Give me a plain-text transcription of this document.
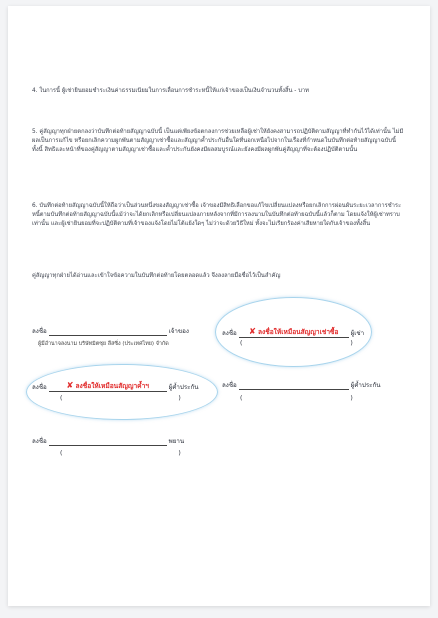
4. ในการนี้ ผู้เช่ายินยอมชำระเงินค่าธรรมเนียมในการเลื่อนการชำระหนี้ให้แก่เจ้าของเป็นเงินจำนวนทั้งสิ้น - บาท
5. คู่สัญญาทุกฝ่ายตกลงว่าบันทึกต่อท้ายสัญญาฉบับนี้ เป็นแต่เพียงข้อตกลงการช่วยเหลือผู้เช่าให้ยังคงสามารถปฏิบัติตามสัญญาที่ทำกันไว้ได้เท่านั้น ไม่มีผลเป็นการแก้ไข หรือยกเลิกความผูกพันตามสัญญาเช่าซื้อและสัญญาค้ำประกันอื่นใดที่นอกเหนือไปจากในเรื่องที่กำหนดในบันทึกต่อท้ายสัญญาฉบับนี้ ทั้งนี้ สิทธิและหน้าที่ของคู่สัญญาตามสัญญาเช่าซื้อและค้ำประกันยังคงมีผลสมบูรณ์และยังคงมีผลผูกพันคู่สัญญาที่จะต้องปฏิบัติตามนั้น
6. บันทึกต่อท้ายสัญญาฉบับนี้ให้ถือว่าเป็นส่วนหนึ่งของสัญญาเช่าซื้อ เจ้าของมีสิทธิเลือกขอแก้ไขเปลี่ยนแปลงหรือยกเลิกการผ่อนผันระยะเวลาการชำระหนี้ตามบันทึกต่อท้ายสัญญาฉบับนี้แม้ว่าจะได้ยกเลิกหรือเปลี่ยนแปลงภายหลังจากที่มีการลงนามในบันทึกต่อท้ายฉบับนี้แล้วก็ตาม โดยแจ้งให้ผู้เช่าทราบเท่านั้น และผู้เช่ายินยอมที่จะปฏิบัติตามที่เจ้าของแจ้งโดยไม่โต้แย้งใดๆ ไม่ว่าจะด้วยวิธีใหม่ ทั้งจะไม่เรียกร้องค่าเสียหายใดกับเจ้าของทั้งสิ้น
คู่สัญญาทุกฝ่ายได้อ่านและเข้าใจข้อความในบันทึกต่อท้ายโดยตลอดแล้ว จึงลงลายมือชื่อไว้เป็นสำคัญ
ลงชื่อ	เจ้าของ
ผู้มีอำนาจลงนาม บริษัทมิตซุย ลีสซิ่ง (ประเทศไทย) จำกัด
ลงชื่อ ✘ ลงชื่อให้เหมือนสัญญาเช่าซื้อ ผู้เช่า
(	)
ลงชื่อ ✘ ลงชื่อให้เหมือนสัญญาค้ำฯ	ผู้ค้ำประกัน
(	)
ลงชื่อ	ผู้ค้ำประกัน
(	)
ลงชื่อ	พยาน
(	)
